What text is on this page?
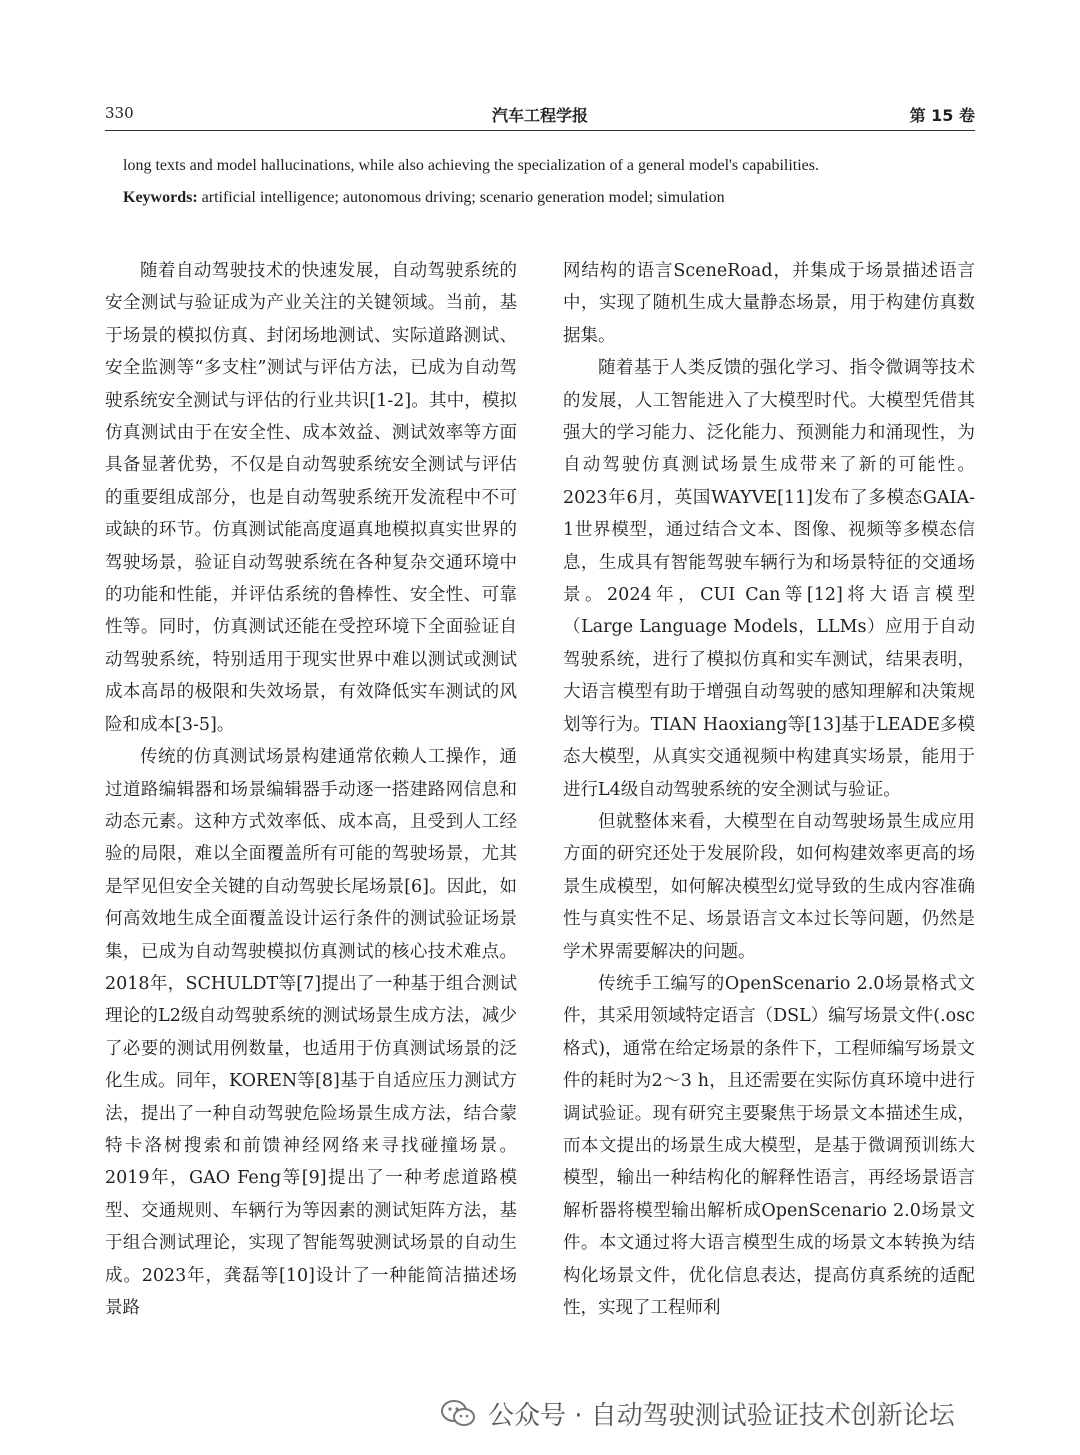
330	汽车工程学报	第 15 卷
long texts and model hallucinations, while also achieving the specialization of a general model's capabilities.
Keywords: artificial intelligence; autonomous driving; scenario generation model; simulation

随着自动驾驶技术的快速发展，自动驾驶系统的安全测试与验证成为产业关注的关键领域。当前，基于场景的模拟仿真、封闭场地测试、实际道路测试、安全监测等“多支柱”测试与评估方法，已成为自动驾驶系统安全测试与评估的行业共识[1-2]。其中，模拟仿真测试由于在安全性、成本效益、测试效率等方面具备显著优势，不仅是自动驾驶系统安全测试与评估的重要组成部分，也是自动驾驶系统开发流程中不可或缺的环节。仿真测试能高度逼真地模拟真实世界的驾驶场景，验证自动驾驶系统在各种复杂交通环境中的功能和性能，并评估系统的鲁棒性、安全性、可靠性等。同时，仿真测试还能在受控环境下全面验证自动驾驶系统，特别适用于现实世界中难以测试或测试成本高昂的极限和失效场景，有效降低实车测试的风险和成本[3-5]。

传统的仿真测试场景构建通常依赖人工操作，通过道路编辑器和场景编辑器手动逐一搭建路网信息和动态元素。这种方式效率低、成本高，且受到人工经验的局限，难以全面覆盖所有可能的驾驶场景，尤其是罕见但安全关键的自动驾驶长尾场景[6]。因此，如何高效地生成全面覆盖设计运行条件的测试验证场景集，已成为自动驾驶模拟仿真测试的核心技术难点。2018年，SCHULDT等[7]提出了一种基于组合测试理论的L2级自动驾驶系统的测试场景生成方法，减少了必要的测试用例数量，也适用于仿真测试场景的泛化生成。同年，KOREN等[8]基于自适应压力测试方法，提出了一种自动驾驶危险场景生成方法，结合蒙特卡洛树搜索和前馈神经网络来寻找碰撞场景。2019年，GAO Feng等[9]提出了一种考虑道路模型、交通规则、车辆行为等因素的测试矩阵方法，基于组合测试理论，实现了智能驾驶测试场景的自动生成。2023年，龚磊等[10]设计了一种能简洁描述场景路

网结构的语言SceneRoad，并集成于场景描述语言中，实现了随机生成大量静态场景，用于构建仿真数据集。

随着基于人类反馈的强化学习、指令微调等技术的发展，人工智能进入了大模型时代。大模型凭借其强大的学习能力、泛化能力、预测能力和涌现性，为自动驾驶仿真测试场景生成带来了新的可能性。2023年6月，英国WAYVE[11]发布了多模态GAIA-1世界模型，通过结合文本、图像、视频等多模态信息，生成具有智能驾驶车辆行为和场景特征的交通场景。2024年，CUI Can等[12]将大语言模型（Large Language Models，LLMs）应用于自动驾驶系统，进行了模拟仿真和实车测试，结果表明，大语言模型有助于增强自动驾驶的感知理解和决策规划等行为。TIAN Haoxiang等[13]基于LEADE多模态大模型，从真实交通视频中构建真实场景，能用于进行L4级自动驾驶系统的安全测试与验证。

但就整体来看，大模型在自动驾驶场景生成应用方面的研究还处于发展阶段，如何构建效率更高的场景生成模型，如何解决模型幻觉导致的生成内容准确性与真实性不足、场景语言文本过长等问题，仍然是学术界需要解决的问题。

传统手工编写的OpenScenario 2.0场景格式文件，其采用领域特定语言（DSL）编写场景文件(.osc格式)，通常在给定场景的条件下，工程师编写场景文件的耗时为2～3 h，且还需要在实际仿真环境中进行调试验证。现有研究主要聚焦于场景文本描述生成，而本文提出的场景生成大模型，是基于微调预训练大模型，输出一种结构化的解释性语言，再经场景语言解析器将模型输出解析成OpenScenario 2.0场景文件。本文通过将大语言模型生成的场景文本转换为结构化场景文件，优化信息表达，提高仿真系统的适配性，实现了工程师利

公众号 · 自动驾驶测试验证技术创新论坛
